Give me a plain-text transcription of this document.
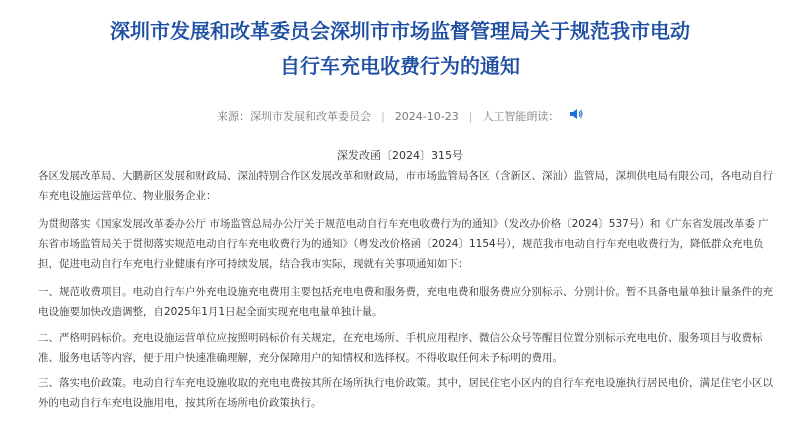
深圳市发展和改革委员会深圳市市场监督管理局关于规范我市电动
自行车充电收费行为的通知
来源： 深圳市发展和改革委员会 | 2024-10-23 | 人工智能朗读：
深发改函〔2024〕315号

各区发展改革局、大鹏新区发展和财政局、深汕特别合作区发展改革和财政局，市市场监管局各区（含新区、深汕）监管局，深圳供电局有限公司，各电动自行车充电设施运营单位、物业服务企业：

为贯彻落实《国家发展改革委办公厅 市场监管总局办公厅关于规范电动自行车充电收费行为的通知》（发改办价格〔2024〕537号）和《广东省发展改革委 广东省市场监管局关于贯彻落实规范电动自行车充电收费行为的通知》（粤发改价格函〔2024〕1154号），规范我市电动自行车充电收费行为，降低群众充电负担，促进电动自行车充电行业健康有序可持续发展，结合我市实际，现就有关事项通知如下：

一、规范收费项目。电动自行车户外充电设施充电费用主要包括充电电费和服务费，充电电费和服务费应分别标示、分别计价。暂不具备电量单独计量条件的充电设施要加快改造调整，自2025年1月1日起全面实现充电电量单独计量。

二、严格明码标价。充电设施运营单位应按照明码标价有关规定，在充电场所、手机应用程序、微信公众号等醒目位置分别标示充电电价、服务项目与收费标准、服务电话等内容，便于用户快速准确理解，充分保障用户的知情权和选择权。不得收取任何未予标明的费用。

三、落实电价政策。电动自行车充电设施收取的充电电费按其所在场所执行电价政策。其中，居民住宅小区内的自行车充电设施执行居民电价，满足住宅小区以外的电动自行车充电设施用电，按其所在场所电价政策执行。
